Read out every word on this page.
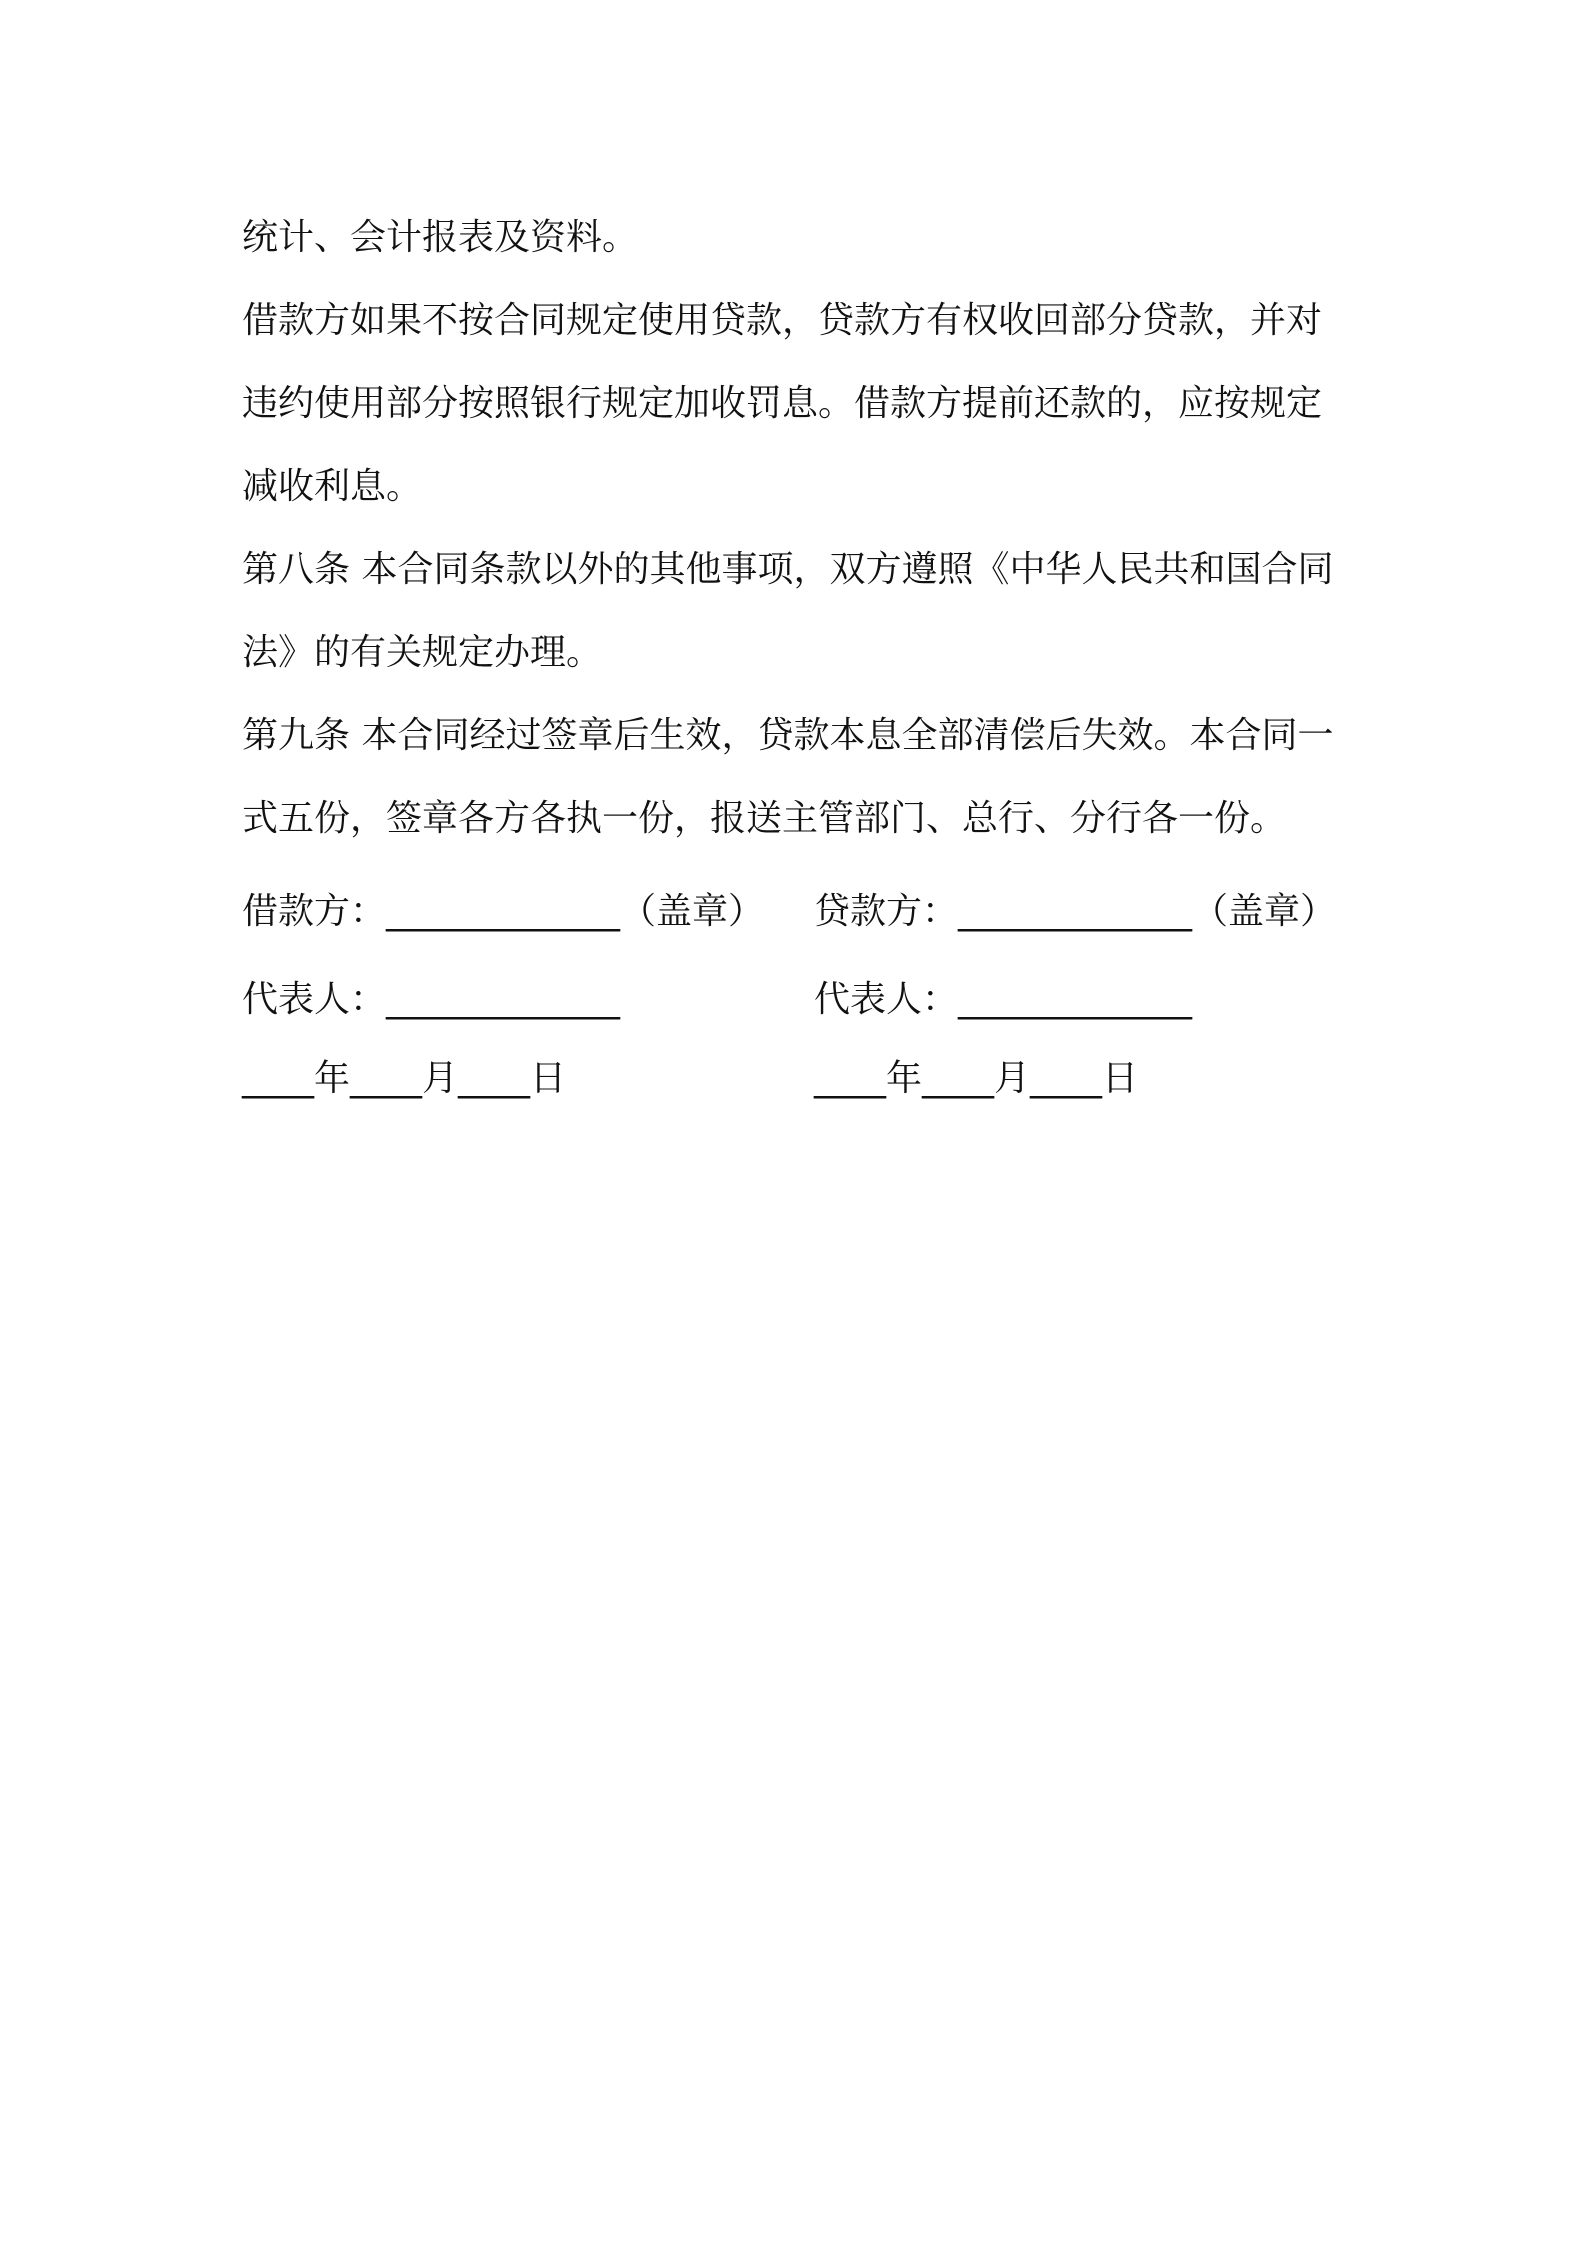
统计、会计报表及资料。

借款方如果不按合同规定使用贷款，贷款方有权收回部分贷款，并对违约使用部分按照银行规定加收罚息。借款方提前还款的，应按规定减收利息。

第八条 本合同条款以外的其他事项，双方遵照《中华人民共和国合同法》的有关规定办理。

第九条 本合同经过签章后生效，贷款本息全部清偿后失效。本合同一式五份，签章各方各执一份，报送主管部门、总行、分行各一份。

借款方：_____________（盖章）	贷款方：_____________（盖章）
代表人：_____________	代表人：_____________
____年____月____日	____年____月____日
